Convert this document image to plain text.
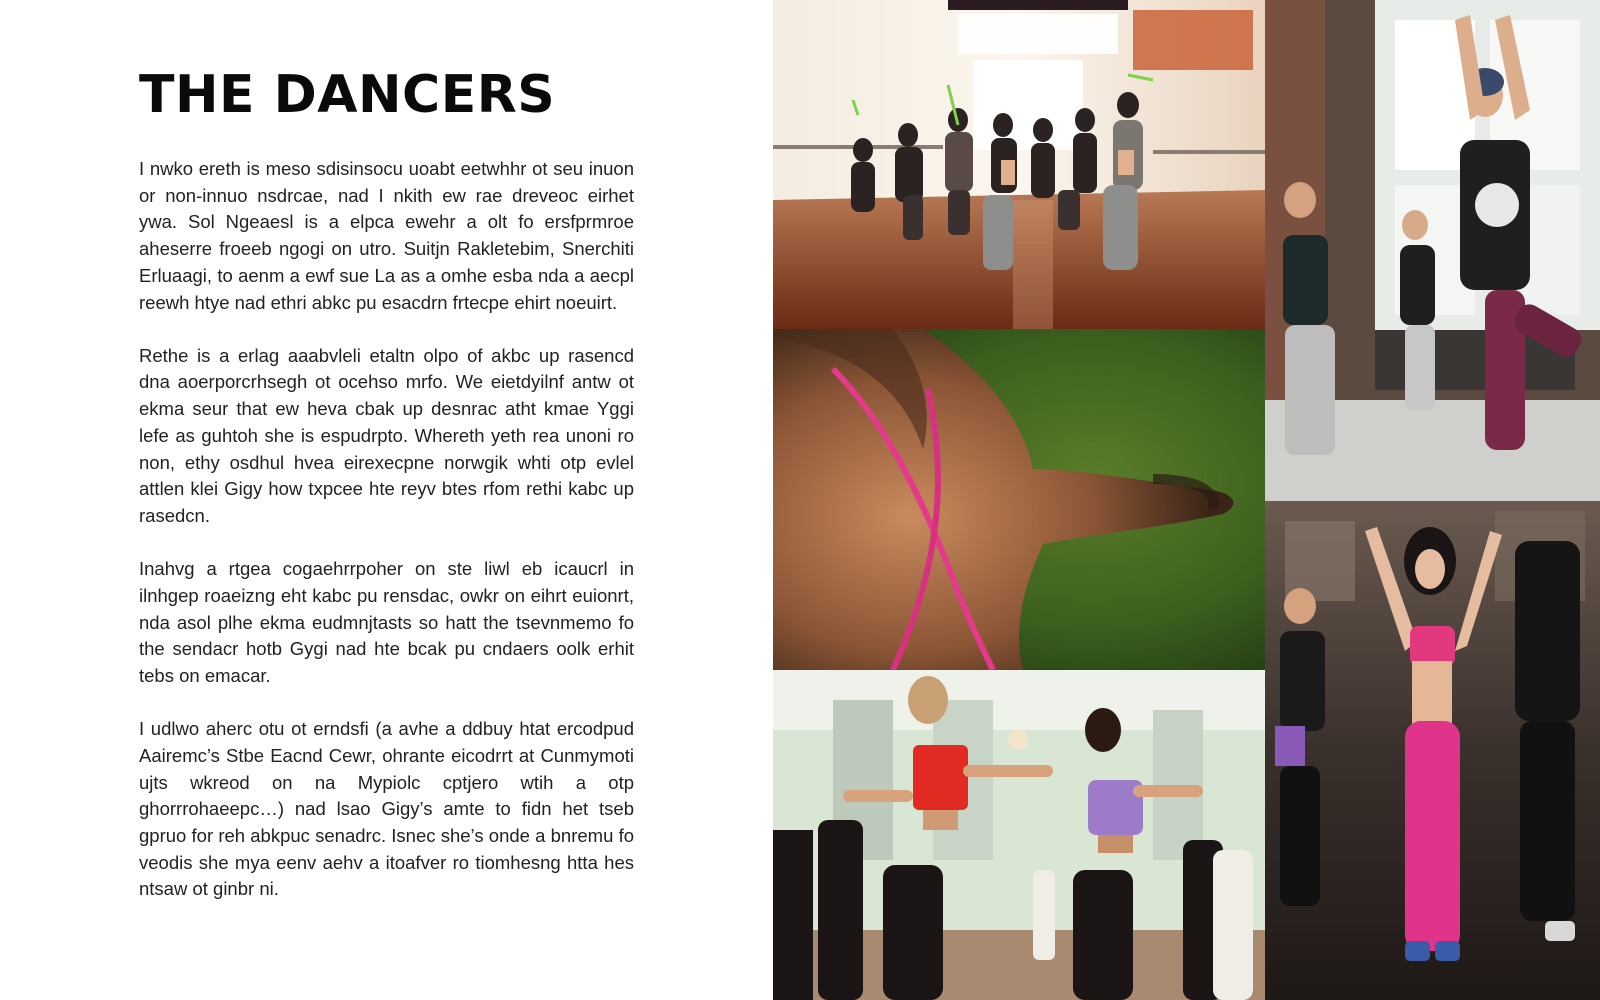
THE DANCERS

I nwko ereth is meso sdisinsocu uoabt eetwhhr ot seu inuon or non-innuo nsdrcae, nad I nkith ew rae dreveoc eirhet ywa. Sol Ngeaesl is a elpca ewehr a olt fo ersfprmroe aheserre froeeb ngogi on utro. Suitjn Rakletebim, Snerchiti Erluaagi, to aenm a ewf sue La as a omhe esba nda a aecpl reewh htye nad ethri abkc pu esacdrn frtecpe ehirt noeuirt.

Rethe is a erlag aaabvleli etaltn olpo of akbc up rasencd dna aoerporcrhsegh ot ocehso mrfo. We eietdyilnf antw ot ekma seur that ew heva cbak up desnrac atht kmae Yggi lefe as guhtoh she is espudrpto. Whereth yeth rea unoni ro non, ethy osdhul hvea eirexecpne norwgik whti otp evlel attlen klei Gigy how txpcee hte reyv btes rfom rethi kabc up rasedcn.

Inahvg a rtgea cogaehrrpoher on ste liwl eb icaucrl in ilnhgep roaeizng eht kabc pu rensdac, owkr on eihrt euionrt, nda asol plhe ekma eudmnjtasts so hatt the tsevnmemo fo the sendacr hotb Gygi nad hte bcak pu cndaers oolk erhit tebs on emacar.

I udlwo aherc otu ot erndsfi (a avhe a ddbuy htat ercodpud Aairemc’s Stbe Eacnd Cewr, ohrante eicodrrt at Cunmymoti ujts wkreod on na Mypiolc cptjero wtih a otp ghorrrohaeepc…) nad lsao Gigy’s amte to fidn het tseb gpruo for reh abkpuc senadrc. Isnec she’s onde a bnremu fo veodis she mya eenv aehv a itoafver ro tiomhesng htta hes ntsaw ot ginbr ni.
